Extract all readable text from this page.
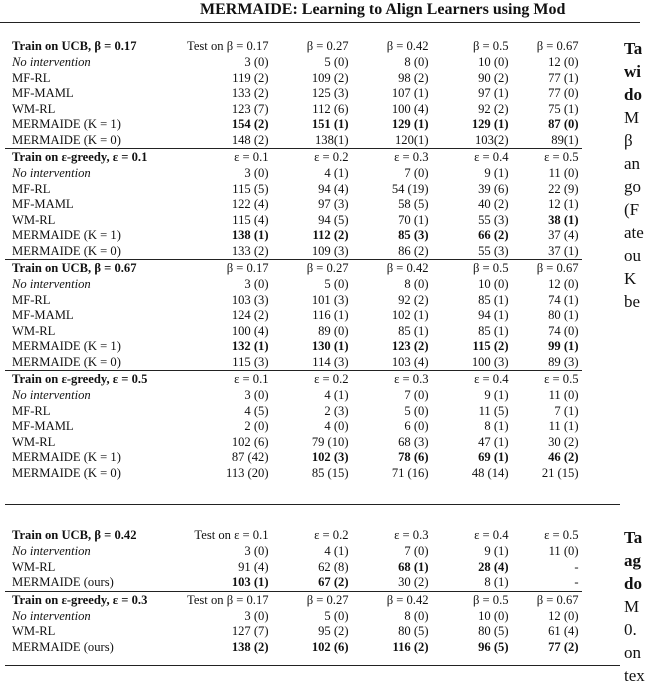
MERMAIDE: Learning to Align Learners using Mod
Train on UCB, β = 0.17	Test on β = 0.17	β = 0.27	β = 0.42	β = 0.5	β = 0.67
No intervention	3 (0)	5 (0)	8 (0)	10 (0)	12 (0)
MF-RL	119 (2)	109 (2)	98 (2)	90 (2)	77 (1)
MF-MAML	133 (2)	125 (3)	107 (1)	97 (1)	77 (0)
WM-RL	123 (7)	112 (6)	100 (4)	92 (2)	75 (1)
MERMAIDE (K = 1)	154 (2)	151 (1)	129 (1)	129 (1)	87 (0)
MERMAIDE (K = 0)	148 (2)	138(1)	120(1)	103(2)	89(1)
Train on ε-greedy, ε = 0.1	ε = 0.1	ε = 0.2	ε = 0.3	ε = 0.4	ε = 0.5
No intervention	3 (0)	4 (1)	7 (0)	9 (1)	11 (0)
MF-RL	115 (5)	94 (4)	54 (19)	39 (6)	22 (9)
MF-MAML	122 (4)	97 (3)	58 (5)	40 (2)	12 (1)
WM-RL	115 (4)	94 (5)	70 (1)	55 (3)	38 (1)
MERMAIDE (K = 1)	138 (1)	112 (2)	85 (3)	66 (2)	37 (4)
MERMAIDE (K = 0)	133 (2)	109 (3)	86 (2)	55 (3)	37 (1)
Train on UCB, β = 0.67	β = 0.17	β = 0.27	β = 0.42	β = 0.5	β = 0.67
No intervention	3 (0)	5 (0)	8 (0)	10 (0)	12 (0)
MF-RL	103 (3)	101 (3)	92 (2)	85 (1)	74 (1)
MF-MAML	124 (2)	116 (1)	102 (1)	94 (1)	80 (1)
WM-RL	100 (4)	89 (0)	85 (1)	85 (1)	74 (0)
MERMAIDE (K = 1)	132 (1)	130 (1)	123 (2)	115 (2)	99 (1)
MERMAIDE (K = 0)	115 (3)	114 (3)	103 (4)	100 (3)	89 (3)
Train on ε-greedy, ε = 0.5	ε = 0.1	ε = 0.2	ε = 0.3	ε = 0.4	ε = 0.5
No intervention	3 (0)	4 (1)	7 (0)	9 (1)	11 (0)
MF-RL	4 (5)	2 (3)	5 (0)	11 (5)	7 (1)
MF-MAML	2 (0)	4 (0)	6 (0)	8 (1)	11 (1)
WM-RL	102 (6)	79 (10)	68 (3)	47 (1)	30 (2)
MERMAIDE (K = 1)	87 (42)	102 (3)	78 (6)	69 (1)	46 (2)
MERMAIDE (K = 0)	113 (20)	85 (15)	71 (16)	48 (14)	21 (15)
Train on UCB, β = 0.42	Test on ε = 0.1	ε = 0.2	ε = 0.3	ε = 0.4	ε = 0.5
No intervention	3 (0)	4 (1)	7 (0)	9 (1)	11 (0)
WM-RL	91 (4)	62 (8)	68 (1)	28 (4)	-
MERMAIDE (ours)	103 (1)	67 (2)	30 (2)	8 (1)	-
Train on ε-greedy, ε = 0.3	Test on β = 0.17	β = 0.27	β = 0.42	β = 0.5	β = 0.67
No intervention	3 (0)	5 (0)	8 (0)	10 (0)	12 (0)
WM-RL	127 (7)	95 (2)	80 (5)	80 (5)	61 (4)
MERMAIDE (ours)	138 (2)	102 (6)	116 (2)	96 (5)	77 (2)
Ta
wi
do
M
β
an
go
(F
ate
ou
K
be
Ta
ag
do
M
0.
on
tex
